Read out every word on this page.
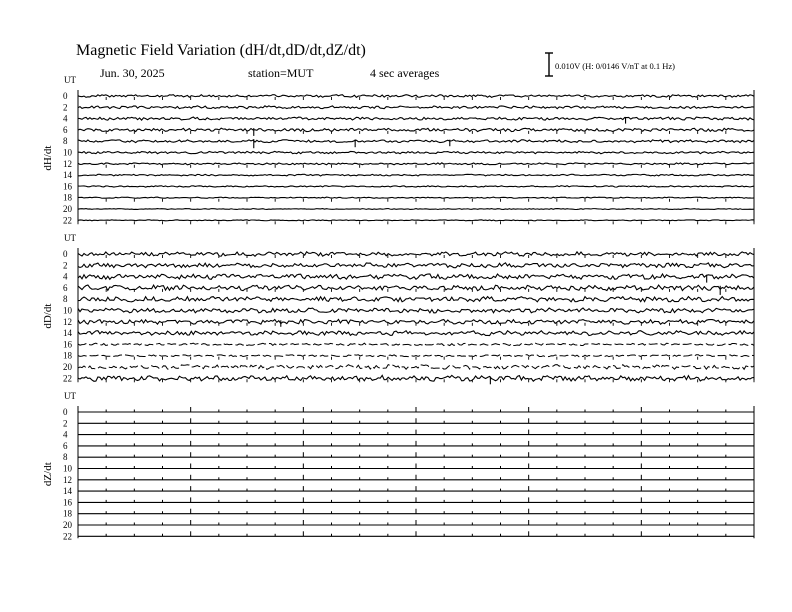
Magnetic Field Variation (dH/dt,dD/dt,dZ/dt)
Jun. 30, 2025	station=MUT	4 sec averages	0.010V (H: 0/0146 V/nT at 0.1 Hz)
UT
dH/dt
0
2
4
6
8
10
12
14
16
18
20
22
UT
dD/dt
0
2
4
6
8
10
12
14
16
18
20
22
UT
dZ/dt
0
2
4
6
8
10
12
14
16
18
20
22
